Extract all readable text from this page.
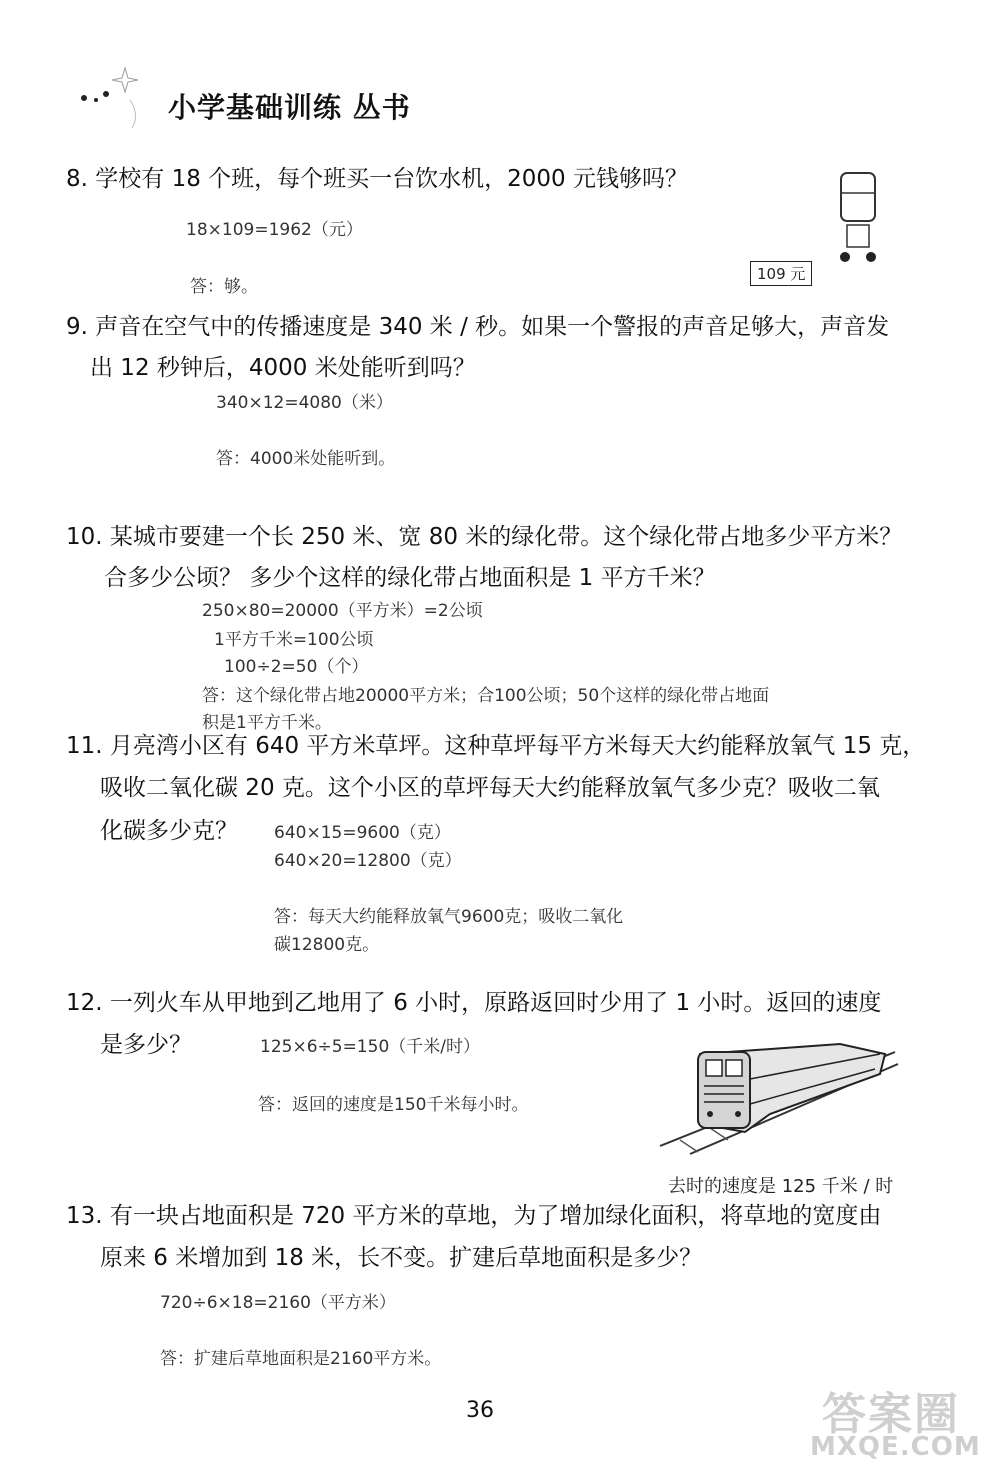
小学基础训练 丛书
8. 学校有 18 个班，每个班买一台饮水机，2000 元钱够吗？
18×109=1962（元）
答：够。
109 元
9. 声音在空气中的传播速度是 340 米 / 秒。如果一个警报的声音足够大，声音发
出 12 秒钟后，4000 米处能听到吗？
340×12=4080（米）
答：4000米处能听到。
10. 某城市要建一个长 250 米、宽 80 米的绿化带。这个绿化带占地多少平方米？
合多少公顷？ 多少个这样的绿化带占地面积是 1 平方千米？
250×80=20000（平方米）=2公顷
1平方千米=100公顷
100÷2=50（个）
答：这个绿化带占地20000平方米；合100公顷；50个这样的绿化带占地面
积是1平方千米。
11. 月亮湾小区有 640 平方米草坪。这种草坪每平方米每天大约能释放氧气 15 克，
吸收二氧化碳 20 克。这个小区的草坪每天大约能释放氧气多少克？吸收二氧
化碳多少克？ 640×15=9600（克）
640×20=12800（克）
答：每天大约能释放氧气9600克；吸收二氧化
碳12800克。
12. 一列火车从甲地到乙地用了 6 小时，原路返回时少用了 1 小时。返回的速度
是多少？	125×6÷5=150（千米/时）
答：返回的速度是150千米每小时。
去时的速度是 125 千米 / 时
13. 有一块占地面积是 720 平方米的草地，为了增加绿化面积，将草地的宽度由
原来 6 米增加到 18 米，长不变。扩建后草地面积是多少？
720÷6×18=2160（平方米）
答：扩建后草地面积是2160平方米。
36	答案圈
MXQE.COM
